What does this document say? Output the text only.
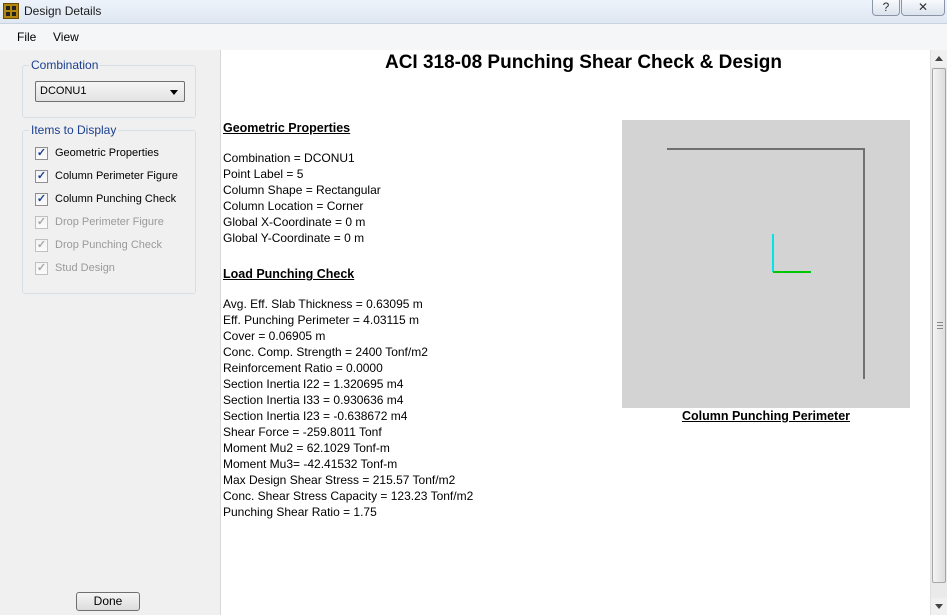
Design Details	?	✕
File View
Combination
DCONU1
Items to Display
✓ Geometric Properties
✓ Column Perimeter Figure
✓ Column Punching Check
✓ Drop Perimeter Figure
✓ Drop Punching Check
✓ Stud Design
Done
ACI 318-08 Punching Shear Check & Design
Geometric Properties
Combination = DCONU1
Point Label = 5
Column Shape = Rectangular
Column Location = Corner
Global X-Coordinate = 0 m
Global Y-Coordinate = 0 m
Load Punching Check
Avg. Eff. Slab Thickness = 0.63095 m
Eff. Punching Perimeter = 4.03115 m
Cover = 0.06905 m
Conc. Comp. Strength = 2400 Tonf/m2
Reinforcement Ratio = 0.0000
Section Inertia I22 = 1.320695 m4
Section Inertia I33 = 0.930636 m4
Section Inertia I23 = -0.638672 m4
Shear Force = -259.8011 Tonf
Moment Mu2 = 62.1029 Tonf-m
Moment Mu3= -42.41532 Tonf-m
Max Design Shear Stress = 215.57 Tonf/m2
Conc. Shear Stress Capacity = 123.23 Tonf/m2
Punching Shear Ratio = 1.75
Column Punching Perimeter
